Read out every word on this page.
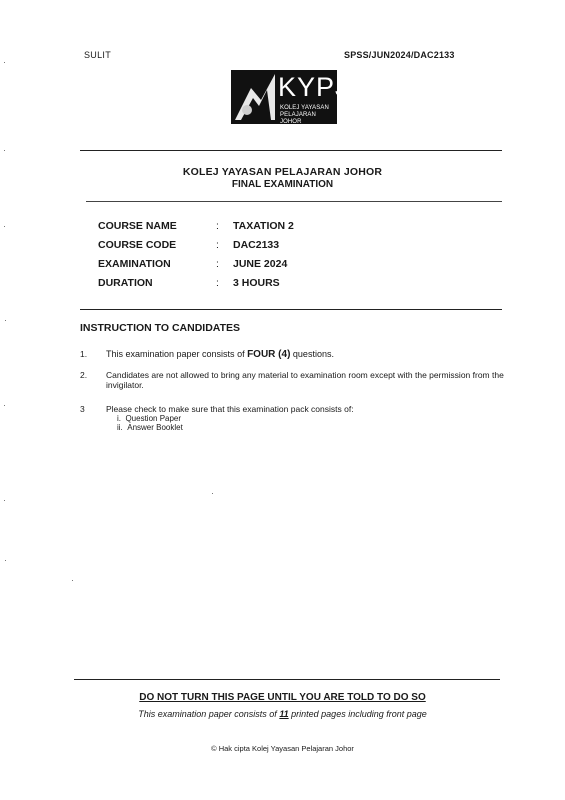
SULIT	SPSS/JUN2024/DAC2133
KYPJ
KOLEJ YAYASAN
PELAJARAN JOHOR
KOLEJ YAYASAN PELAJARAN JOHOR
FINAL EXAMINATION
COURSE NAME	: TAXATION 2
COURSE CODE	: DAC2133
EXAMINATION	: JUNE 2024
DURATION	: 3 HOURS
INSTRUCTION TO CANDIDATES
1. This examination paper consists of FOUR (4) questions.
2. Candidates are not allowed to bring any material to examination room except with the permission from the invigilator.
3	Please check to make sure that this examination pack consists of:
i. Question Paper
ii. Answer Booklet
DO NOT TURN THIS PAGE UNTIL YOU ARE TOLD TO DO SO
This examination paper consists of 11 printed pages including front page
© Hak cipta Kolej Yayasan Pelajaran Johor
